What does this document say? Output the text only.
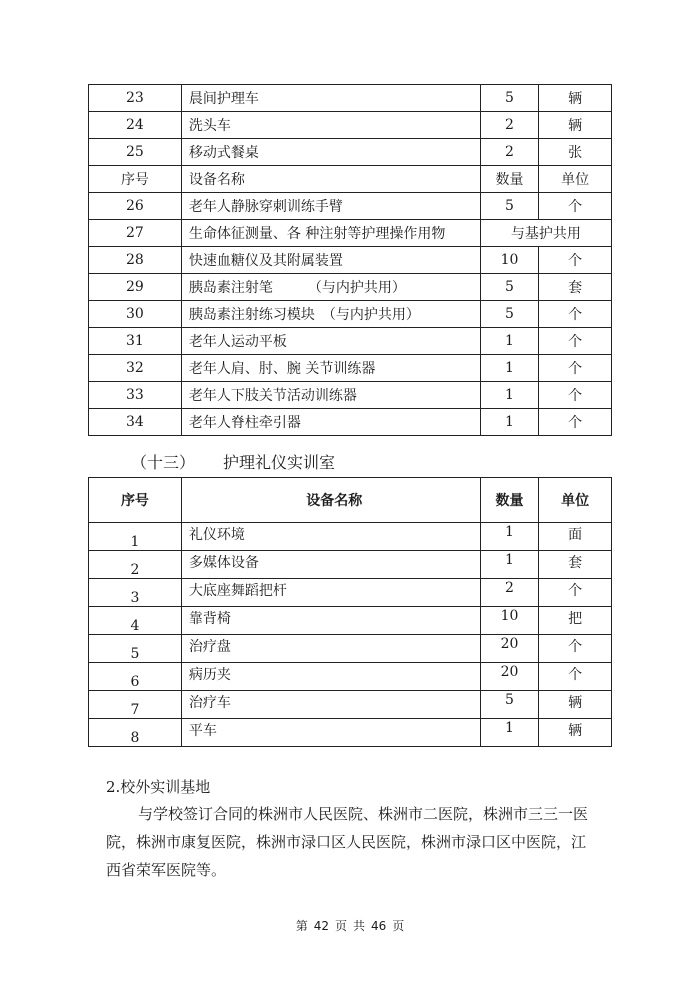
23	晨间护理车	5	辆
24	洗头车	2	辆
25	移动式餐桌	2	张
序号	设备名称	数量	单位
26	老年人静脉穿刺训练手臂	5	个
27	生命体征测量、各 种注射等护理操作用物	与基护共用	
28	快速血糖仪及其附属装置	10	个
29	胰岛素注射笔　　　（与内护共用）	5	套
30	胰岛素注射练习模块　（与内护共用）	5	个
31	老年人运动平板	1	个
32	老年人肩、肘、腕 关节训练器	1	个
33	老年人下肢关节活动训练器	1	个
34	老年人脊柱牵引器	1	个
（十三） 护理礼仪实训室
序号	设备名称	数量	单位
1	礼仪环境	1	面
2	多媒体设备	1	套
3	大底座舞蹈把杆	2	个
4	靠背椅	10	把
5	治疗盘	20	个
6	病历夹	20	个
7	治疗车	5	辆
8	平车	1	辆
2.校外实训基地
与学校签订合同的株洲市人民医院、株洲市二医院，株洲市三三一医院，株洲市康复医院，株洲市渌口区人民医院，株洲市渌口区中医院，江西省荣军医院等。
第 42 页 共 46 页
